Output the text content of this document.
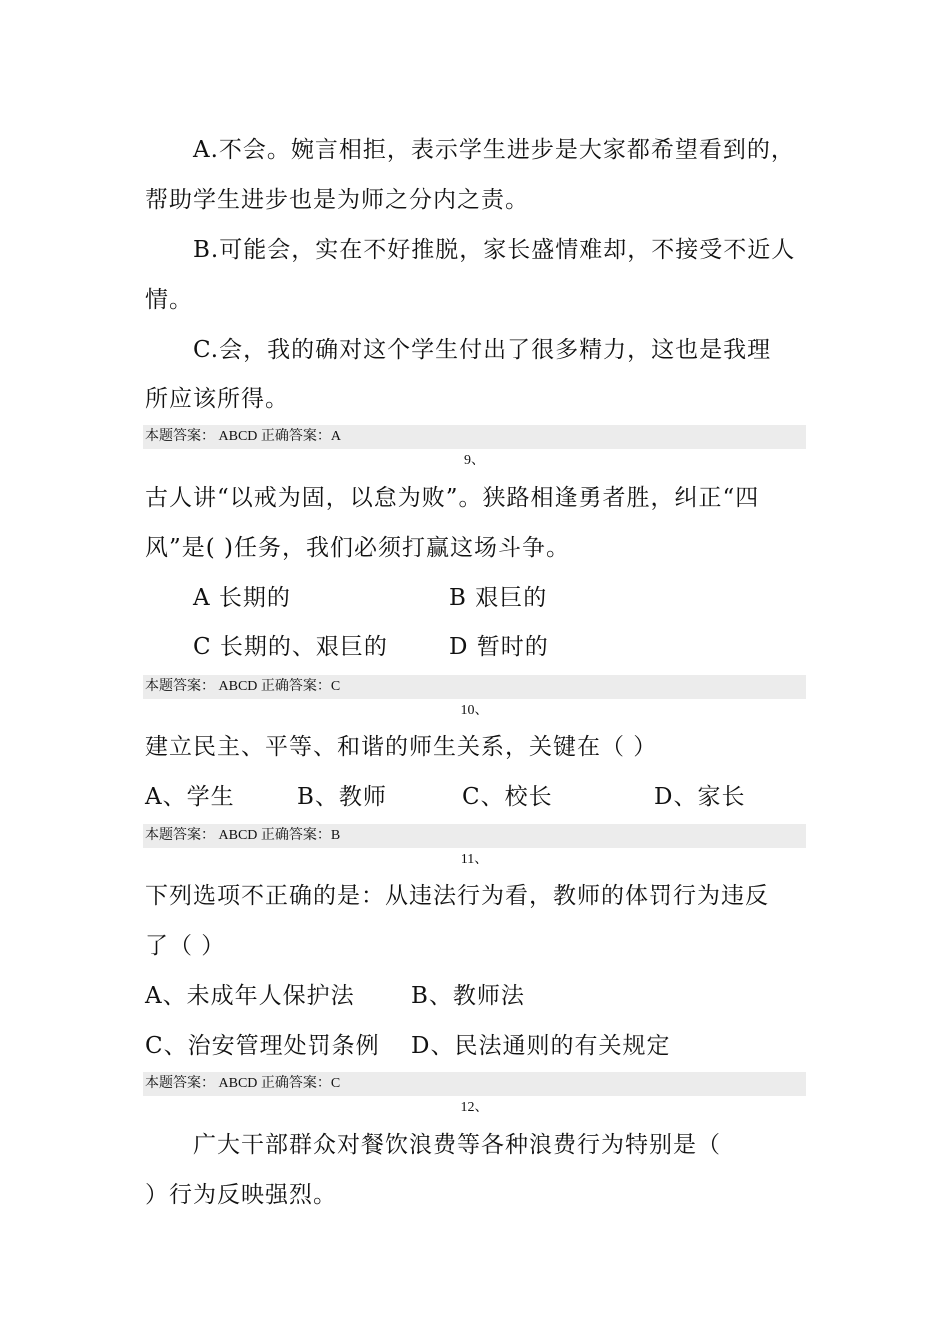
A.不会。婉言相拒，表示学生进步是大家都希望看到的，
帮助学生进步也是为师之分内之责。
B.可能会，实在不好推脱，家长盛情难却，不接受不近人
情。
C.会，我的确对这个学生付出了很多精力，这也是我理
所应该所得。
本题答案： ABCD 正确答案：A
9、
古人讲“以戒为固，以怠为败”。狭路相逢勇者胜，纠正“四
风”是( )任务，我们必须打赢这场斗争。
A 长期的	B 艰巨的
C 长期的、艰巨的	D 暂时的
本题答案： ABCD 正确答案：C
10、
建立民主、平等、和谐的师生关系，关键在（ ）
A、学生	B、教师	C、校长	D、家长
本题答案： ABCD 正确答案：B
11、
下列选项不正确的是：从违法行为看，教师的体罚行为违反
了（ ）
A、未成年人保护法 B、教师法
C、治安管理处罚条例 D、民法通则的有关规定
本题答案： ABCD 正确答案：C
12、
广大干部群众对餐饮浪费等各种浪费行为特别是（
）行为反映强烈。
